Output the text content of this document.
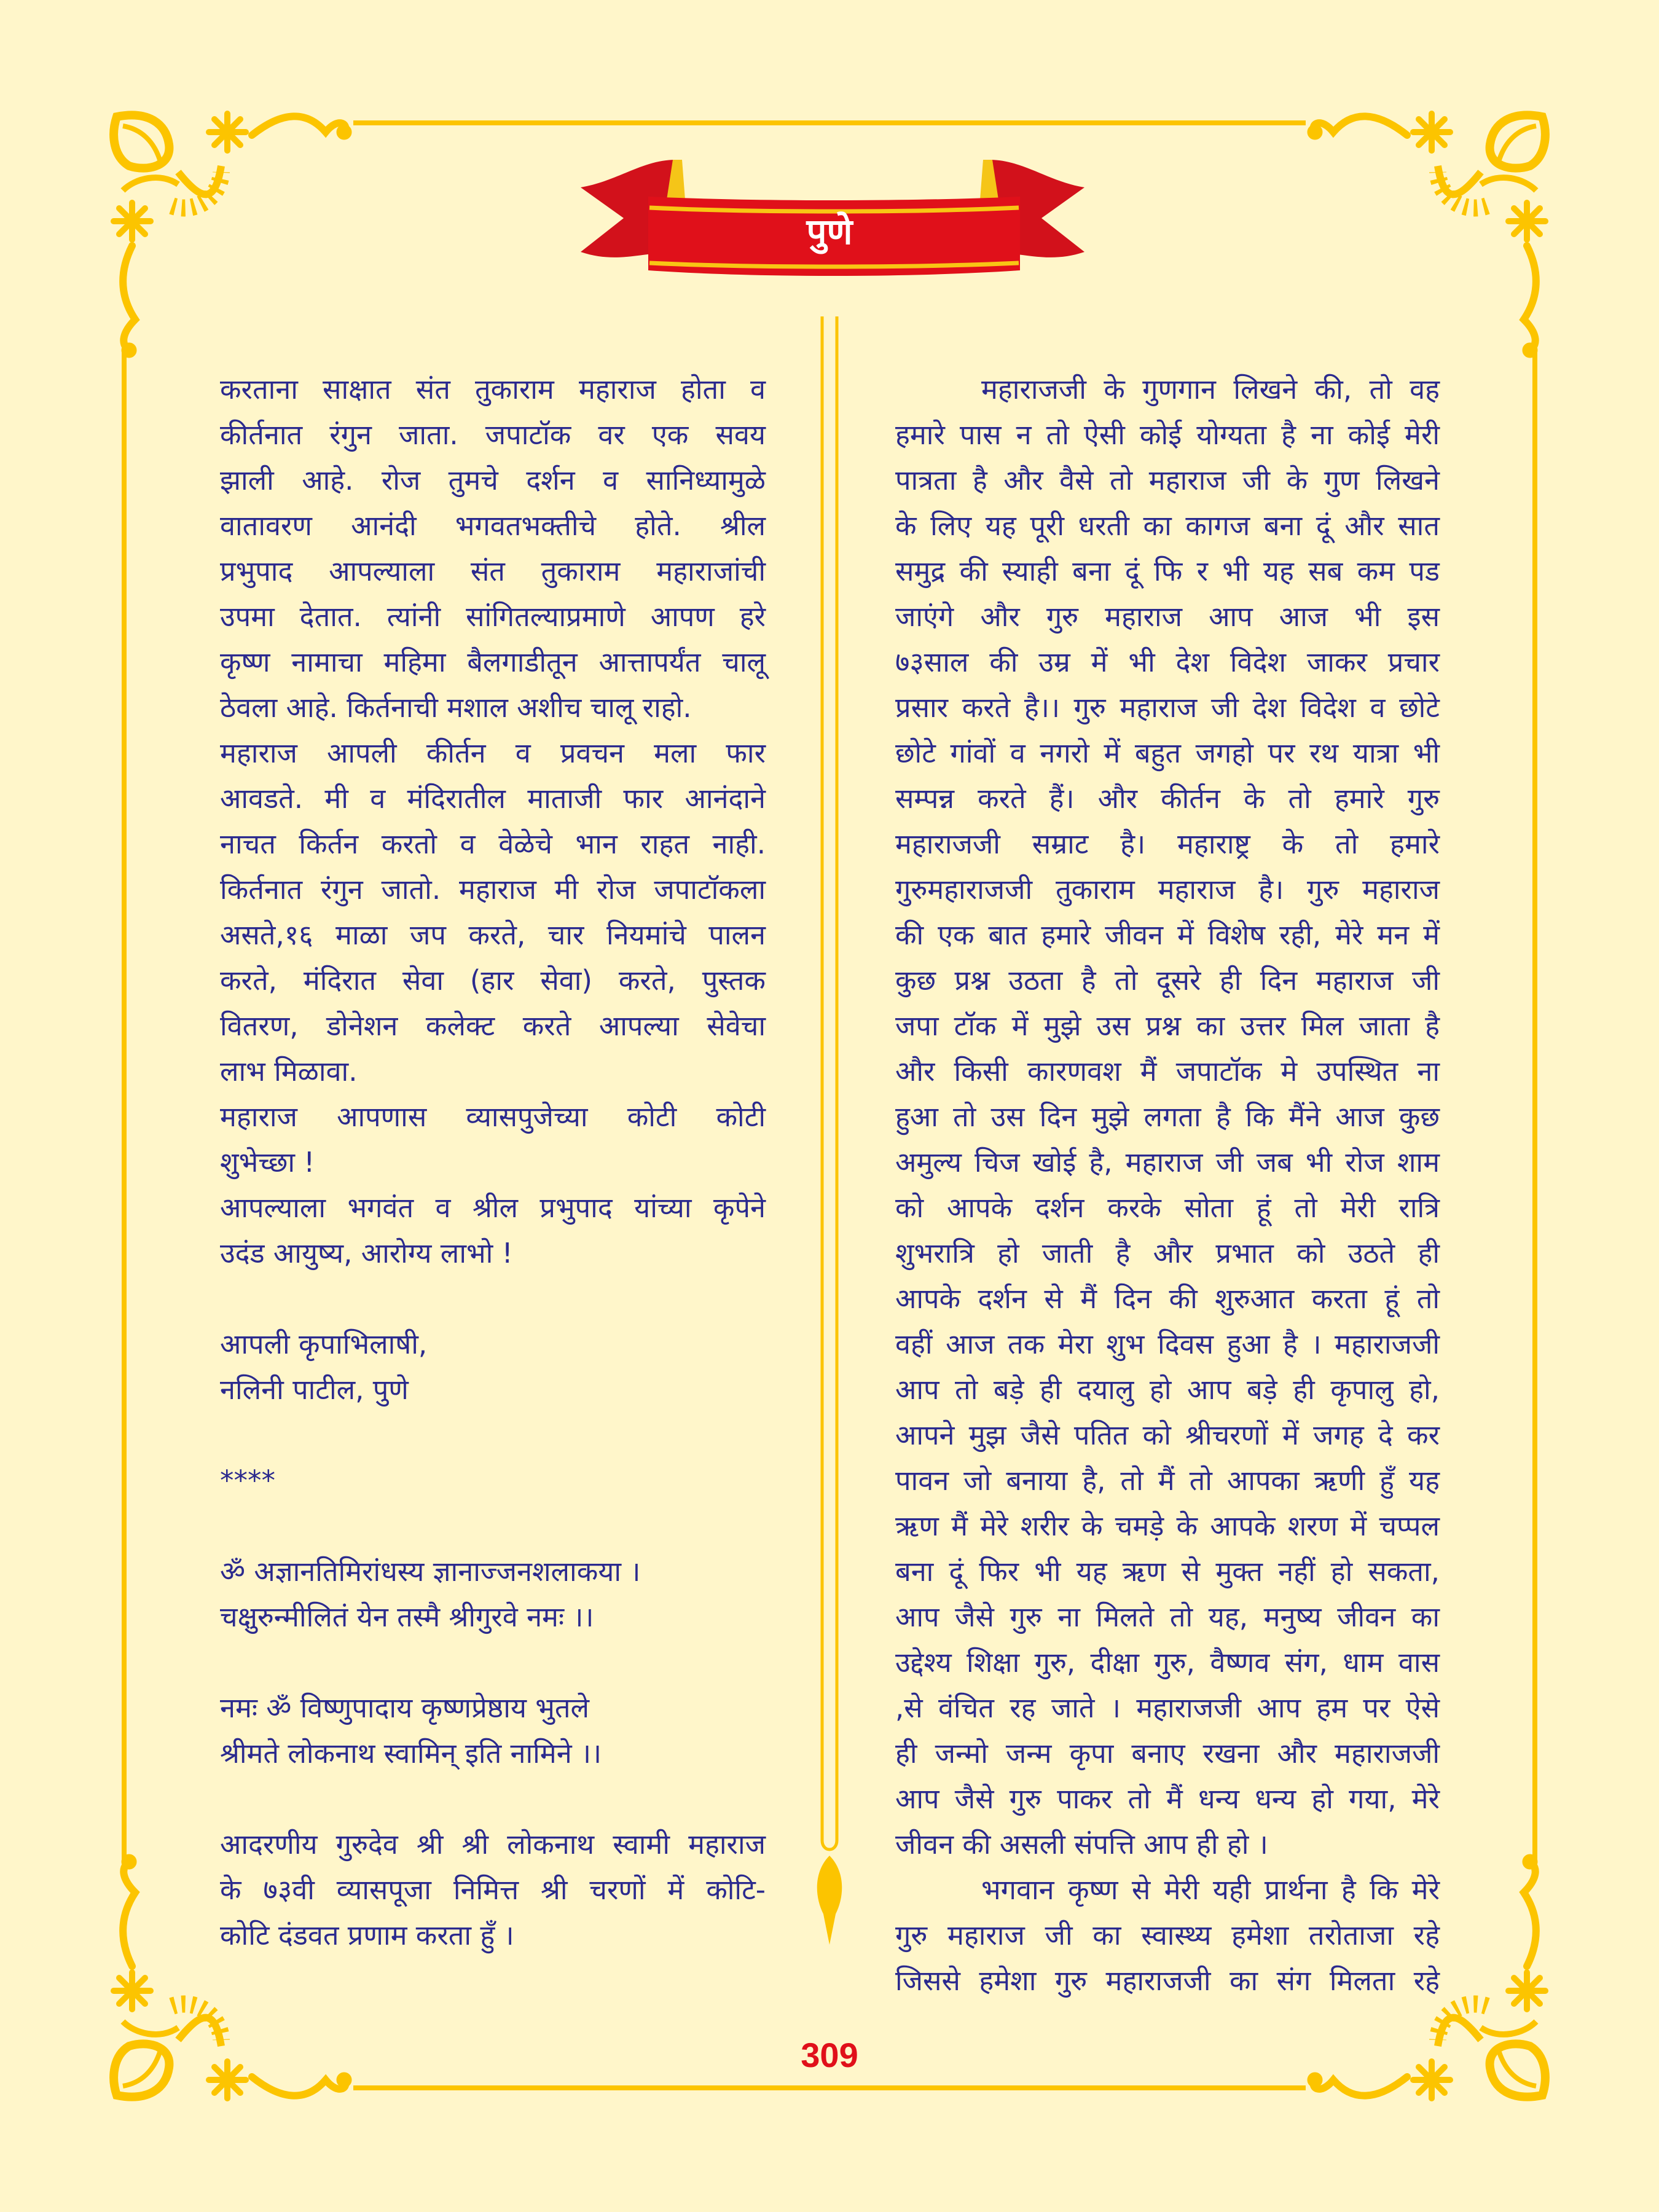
पुणे
करताना साक्षात संत तुकाराम महाराज होता व
कीर्तनात रंगुन जाता. जपाटॉक वर एक सवय
झाली आहे. रोज तुमचे दर्शन व सानिध्यामुळे
वातावरण आनंदी भगवतभक्तीचे होते. श्रील
प्रभुपाद आपल्याला संत तुकाराम महाराजांची
उपमा देतात. त्यांनी सांगितल्याप्रमाणे आपण हरे
कृष्ण नामाचा महिमा बैलगाडीतून आत्तापर्यंत चालू
ठेवला आहे. किर्तनाची मशाल अशीच चालू राहो.
महाराज आपली कीर्तन व प्रवचन मला फार
आवडते. मी व मंदिरातील माताजी फार आनंदाने
नाचत किर्तन करतो व वेळेचे भान राहत नाही.
किर्तनात रंगुन जातो. महाराज मी रोज जपाटॉकला
असते,१६ माळा जप करते, चार नियमांचे पालन
करते, मंदिरात सेवा (हार सेवा) करते, पुस्तक
वितरण, डोनेशन कलेक्ट करते आपल्या सेवेचा
लाभ मिळावा.
महाराज आपणास व्यासपुजेच्या कोटी कोटी
शुभेच्छा !
आपल्याला भगवंत व श्रील प्रभुपाद यांच्या कृपेने
उदंड आयुष्य, आरोग्य लाभो !
आपली कृपाभिलाषी,
नलिनी पाटील, पुणे
****
ॐ अज्ञानतिमिरांधस्य ज्ञानाज्जनशलाकया ।
चक्षुरुन्मीलितं येन तस्मै श्रीगुरवे नमः ।।
नमः ॐ विष्णुपादाय कृष्णप्रेष्ठाय भुतले
श्रीमते लोकनाथ स्वामिन् इति नामिने ।।
आदरणीय गुरुदेव श्री श्री लोकनाथ स्वामी महाराज
के ७३वी व्यासपूजा निमित्त श्री चरणों में कोटि-
कोटि दंडवत प्रणाम करता हुँ ।
महाराजजी के गुणगान लिखने की, तो वह
हमारे पास न तो ऐसी कोई योग्यता है ना कोई मेरी
पात्रता है और वैसे तो महाराज जी के गुण लिखने
के लिए यह पूरी धरती का कागज बना दूं और सात
समुद्र की स्याही बना दूं फि र भी यह सब कम पड
जाएंगे और गुरु महाराज आप आज भी इस
७३साल की उम्र में भी देश विदेश जाकर प्रचार
प्रसार करते है।। गुरु महाराज जी देश विदेश व छोटे
छोटे गांवों व नगरो में बहुत जगहो पर रथ यात्रा भी
सम्पन्न करते हैं। और कीर्तन के तो हमारे गुरु
महाराजजी सम्राट है। महाराष्ट्र के तो हमारे
गुरुमहाराजजी तुकाराम महाराज है। गुरु महाराज
की एक बात हमारे जीवन में विशेष रही, मेरे मन में
कुछ प्रश्न उठता है तो दूसरे ही दिन महाराज जी
जपा टॉक में मुझे उस प्रश्न का उत्तर मिल जाता है
और किसी कारणवश मैं जपाटॉक मे उपस्थित ना
हुआ तो उस दिन मुझे लगता है कि मैंने आज कुछ
अमुल्य चिज खोई है, महाराज जी जब भी रोज शाम
को आपके दर्शन करके सोता हूं तो मेरी रात्रि
शुभरात्रि हो जाती है और प्रभात को उठते ही
आपके दर्शन से मैं दिन की शुरुआत करता हूं तो
वहीं आज तक मेरा शुभ दिवस हुआ है । महाराजजी
आप तो बड़े ही दयालु हो आप बड़े ही कृपालु हो,
आपने मुझ जैसे पतित को श्रीचरणों में जगह दे कर
पावन जो बनाया है, तो मैं तो आपका ऋणी हुँ यह
ऋण मैं मेरे शरीर के चमड़े के आपके शरण में चप्पल
बना दूं फिर भी यह ऋण से मुक्त नहीं हो सकता,
आप जैसे गुरु ना मिलते तो यह, मनुष्य जीवन का
उद्देश्य शिक्षा गुरु, दीक्षा गुरु, वैष्णव संग, धाम वास
,से वंचित रह जाते । महाराजजी आप हम पर ऐसे
ही जन्मो जन्म कृपा बनाए रखना और महाराजजी
आप जैसे गुरु पाकर तो मैं धन्य धन्य हो गया, मेरे
जीवन की असली संपत्ति आप ही हो ।
भगवान कृष्ण से मेरी यही प्रार्थना है कि मेरे
गुरु महाराज जी का स्वास्थ्य हमेशा तरोताजा रहे
जिससे हमेशा गुरु महाराजजी का संग मिलता रहे
309
